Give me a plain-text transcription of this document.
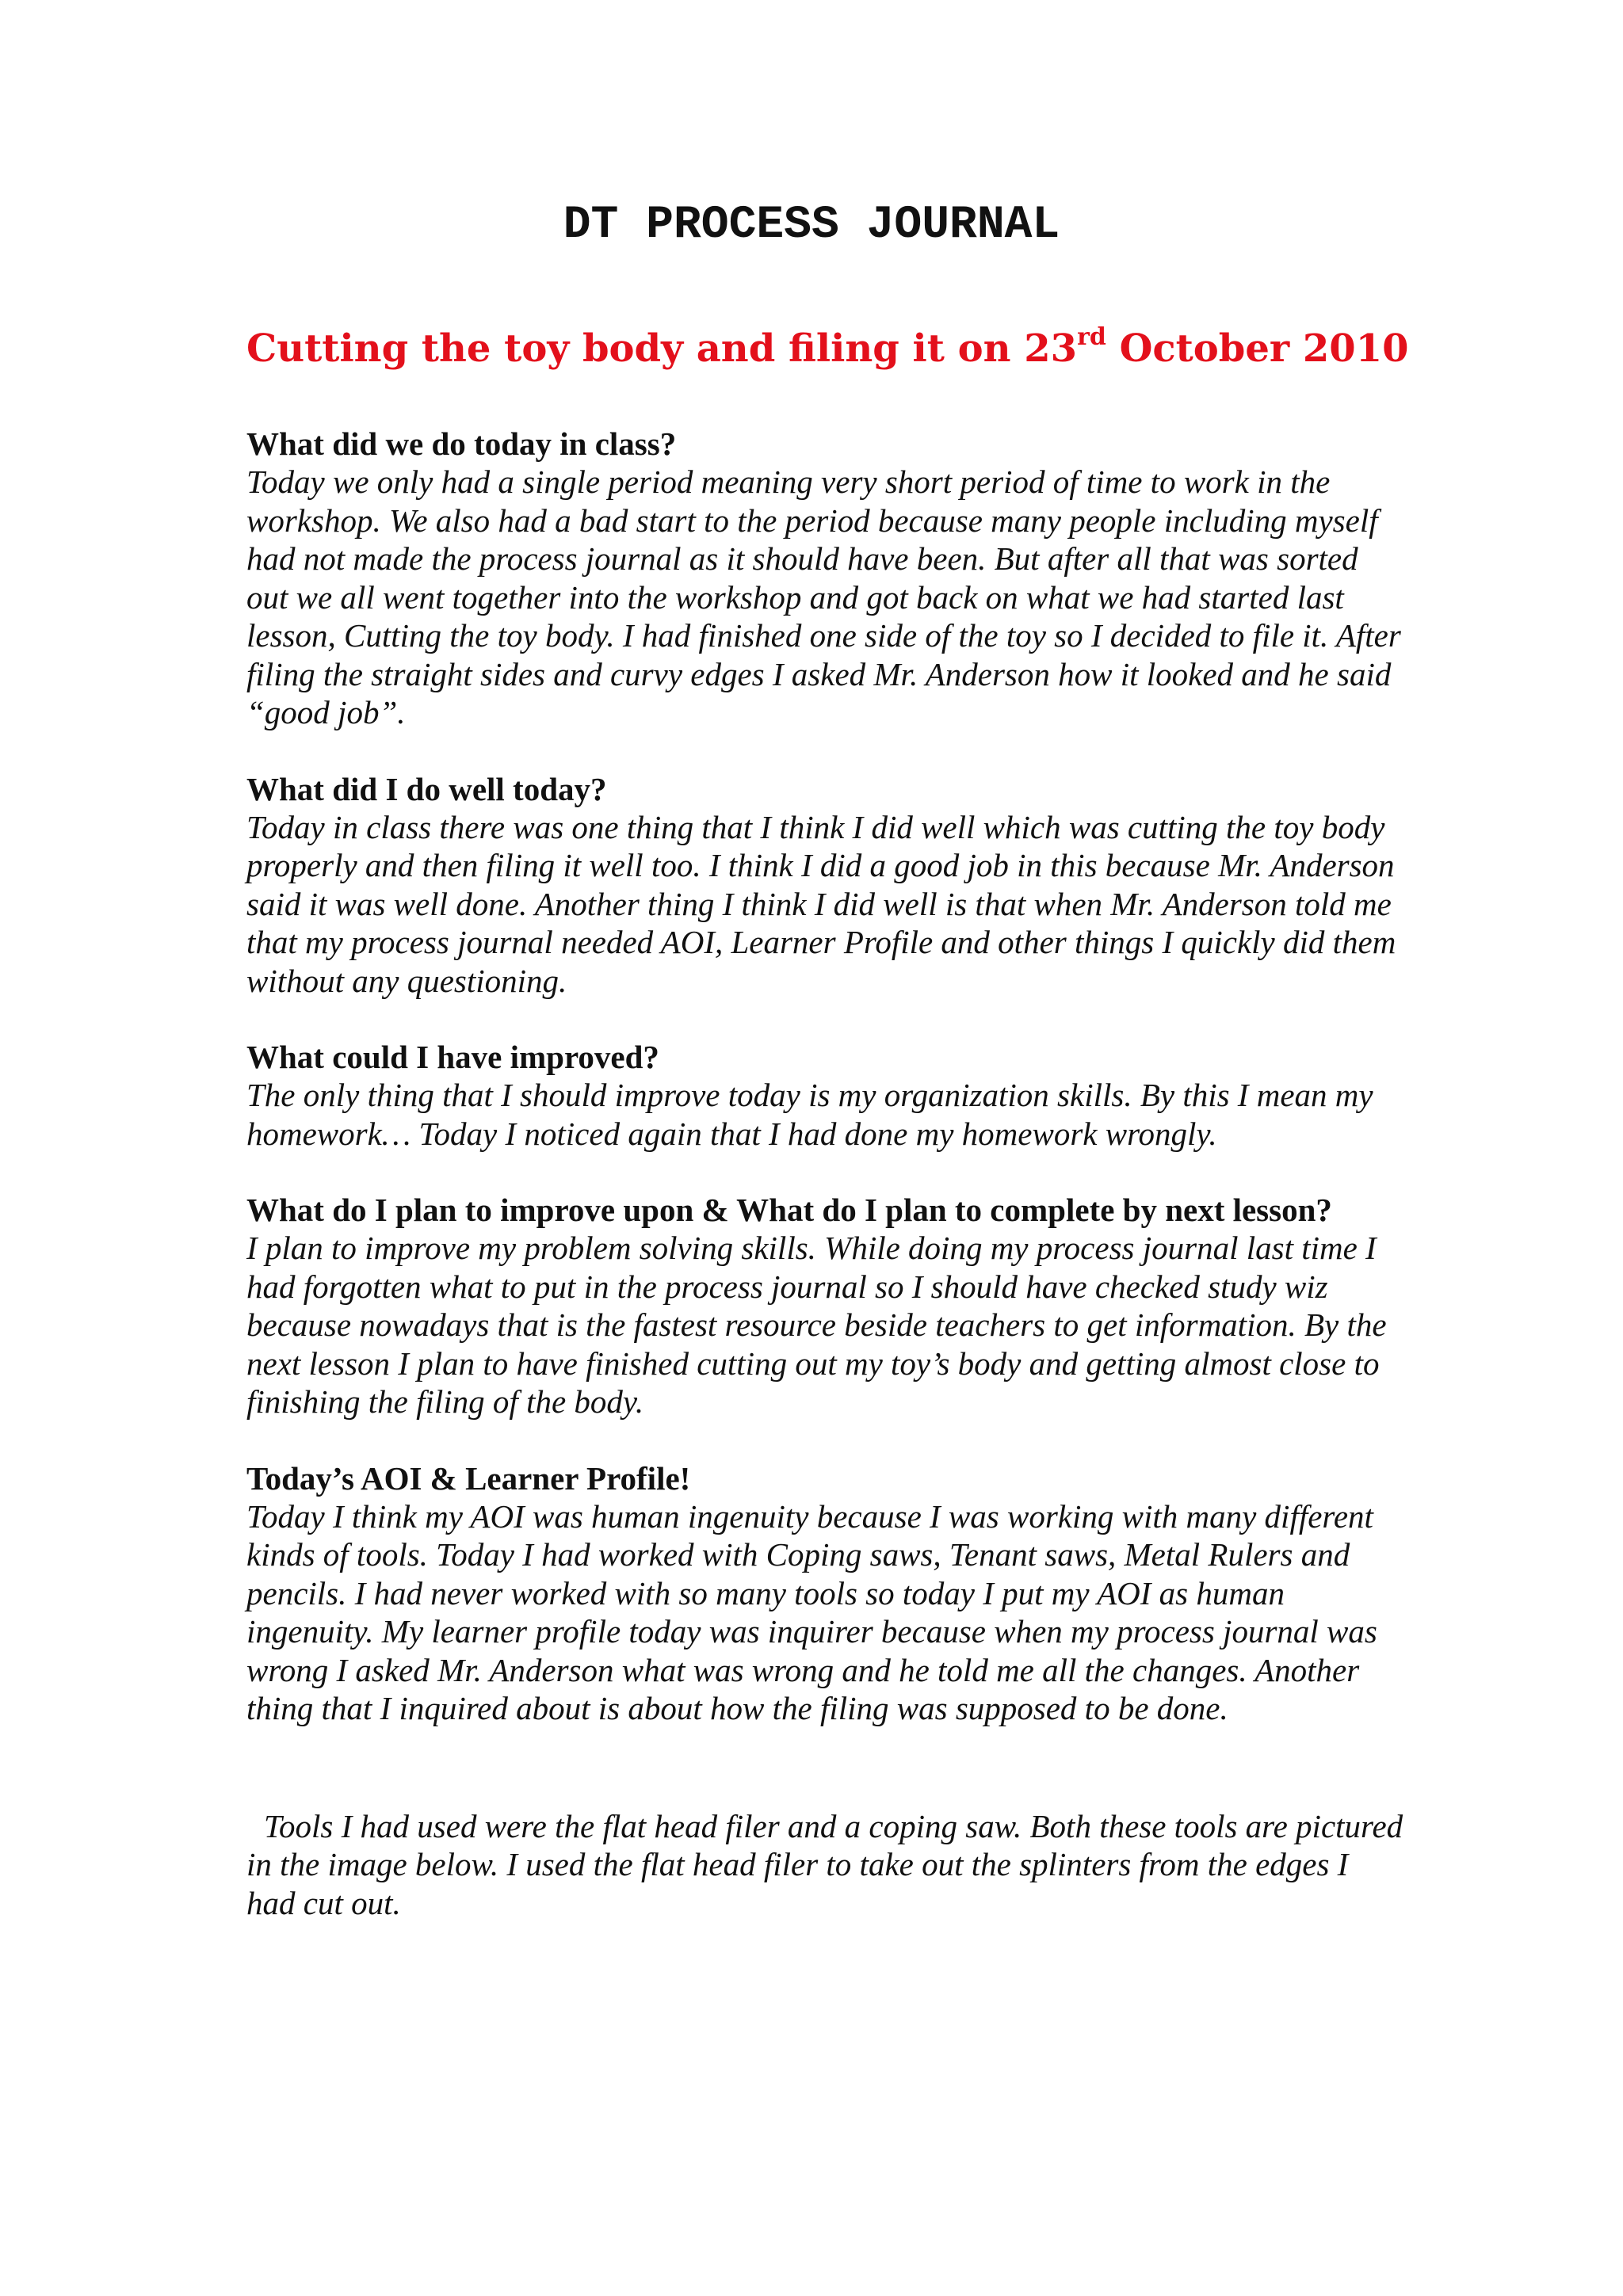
DT PROCESS JOURNAL
Cutting the toy body and filing it on 23rd October 2010

What did we do today in class?

Today we only had a single period meaning very short period of time to work in the workshop. We also had a bad start to the period because many people including myself had not made the process journal as it should have been. But after all that was sorted out we all went together into the workshop and got back on what we had started last lesson, Cutting the toy body. I had finished one side of the toy so I decided to file it. After filing the straight sides and curvy edges I asked Mr. Anderson how it looked and he said “good job”.

What did I do well today?

Today in class there was one thing that I think I did well which was cutting the toy body properly and then filing it well too. I think I did a good job in this because Mr. Anderson said it was well done. Another thing I think I did well is that when Mr. Anderson told me that my process journal needed AOI, Learner Profile and other things I quickly did them without any questioning.

What could I have improved?

The only thing that I should improve today is my organization skills. By this I mean my homework… Today I noticed again that I had done my homework wrongly.

What do I plan to improve upon & What do I plan to complete by next lesson?

I plan to improve my problem solving skills. While doing my process journal last time I had forgotten what to put in the process journal so I should have checked study wiz because nowadays that is the fastest resource beside teachers to get information. By the next lesson I plan to have finished cutting out my toy’s body and getting almost close to finishing the filing of the body.

Today’s AOI & Learner Profile!

Today I think my AOI was human ingenuity because I was working with many different kinds of tools. Today I had worked with Coping saws, Tenant saws, Metal Rulers and pencils. I had never worked with so many tools so today I put my AOI as human ingenuity. My learner profile today was inquirer because when my process journal was wrong I asked Mr. Anderson what was wrong and he told me all the changes. Another thing that I inquired about is about how the filing was supposed to be done.

Tools I had used were the flat head filer and a coping saw. Both these tools are pictured in the image below. I used the flat head filer to take out the splinters from the edges I had cut out.
